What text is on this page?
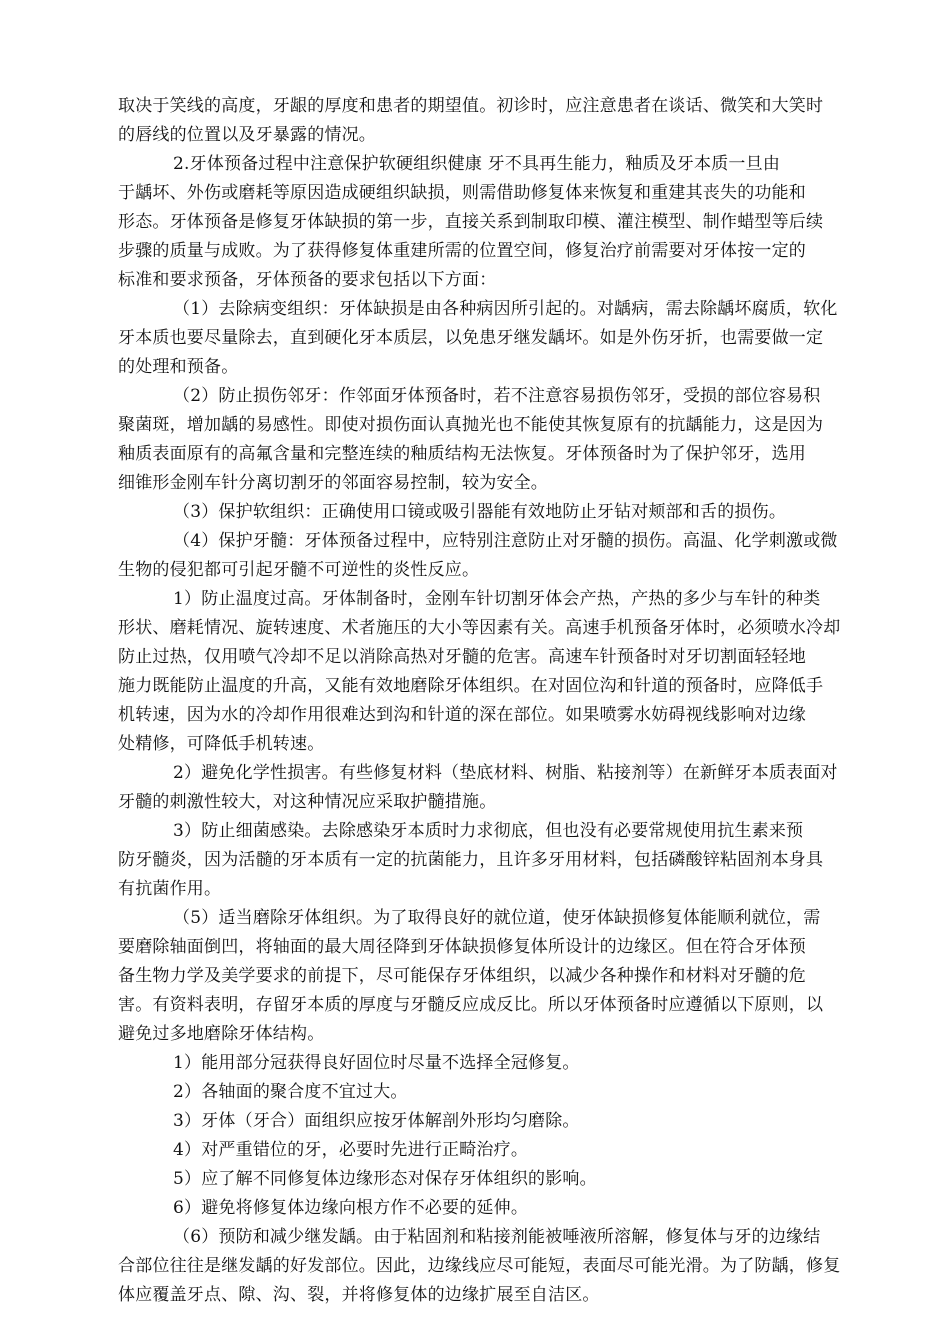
取决于笑线的高度，牙龈的厚度和患者的期望值。初诊时，应注意患者在谈话、微笑和大笑时
的唇线的位置以及牙暴露的情况。
2.牙体预备过程中注意保护软硬组织健康 牙不具再生能力，釉质及牙本质一旦由
于龋坏、外伤或磨耗等原因造成硬组织缺损，则需借助修复体来恢复和重建其丧失的功能和
形态。牙体预备是修复牙体缺损的第一步，直接关系到制取印模、灌注模型、制作蜡型等后续
步骤的质量与成败。为了获得修复体重建所需的位置空间，修复治疗前需要对牙体按一定的
标准和要求预备，牙体预备的要求包括以下方面：
（1）去除病变组织：牙体缺损是由各种病因所引起的。对龋病，需去除龋坏腐质，软化
牙本质也要尽量除去，直到硬化牙本质层，以免患牙继发龋坏。如是外伤牙折，也需要做一定
的处理和预备。
（2）防止损伤邻牙：作邻面牙体预备时，若不注意容易损伤邻牙，受损的部位容易积
聚菌斑，增加龋的易感性。即使对损伤面认真抛光也不能使其恢复原有的抗龋能力，这是因为
釉质表面原有的高氟含量和完整连续的釉质结构无法恢复。牙体预备时为了保护邻牙，选用
细锥形金刚车针分离切割牙的邻面容易控制，较为安全。
（3）保护软组织：正确使用口镜或吸引器能有效地防止牙钻对颊部和舌的损伤。
（4）保护牙髓：牙体预备过程中，应特别注意防止对牙髓的损伤。高温、化学刺激或微
生物的侵犯都可引起牙髓不可逆性的炎性反应。
1）防止温度过高。牙体制备时，金刚车针切割牙体会产热，产热的多少与车针的种类
形状、磨耗情况、旋转速度、术者施压的大小等因素有关。高速手机预备牙体时，必须喷水冷却
防止过热，仅用喷气冷却不足以消除高热对牙髓的危害。高速车针预备时对牙切割面轻轻地
施力既能防止温度的升高，又能有效地磨除牙体组织。在对固位沟和针道的预备时，应降低手
机转速，因为水的冷却作用很难达到沟和针道的深在部位。如果喷雾水妨碍视线影响对边缘
处精修，可降低手机转速。
2）避免化学性损害。有些修复材料（垫底材料、树脂、粘接剂等）在新鲜牙本质表面对
牙髓的刺激性较大，对这种情况应采取护髓措施。
3）防止细菌感染。去除感染牙本质时力求彻底，但也没有必要常规使用抗生素来预
防牙髓炎，因为活髓的牙本质有一定的抗菌能力，且许多牙用材料，包括磷酸锌粘固剂本身具
有抗菌作用。
（5）适当磨除牙体组织。为了取得良好的就位道，使牙体缺损修复体能顺利就位，需
要磨除轴面倒凹，将轴面的最大周径降到牙体缺损修复体所设计的边缘区。但在符合牙体预
备生物力学及美学要求的前提下，尽可能保存牙体组织，以减少各种操作和材料对牙髓的危
害。有资料表明，存留牙本质的厚度与牙髓反应成反比。所以牙体预备时应遵循以下原则，以
避免过多地磨除牙体结构。
1）能用部分冠获得良好固位时尽量不选择全冠修复。
2）各轴面的聚合度不宜过大。
3）牙体（牙合）面组织应按牙体解剖外形均匀磨除。
4）对严重错位的牙，必要时先进行正畸治疗。
5）应了解不同修复体边缘形态对保存牙体组织的影响。
6）避免将修复体边缘向根方作不必要的延伸。
（6）预防和减少继发龋。由于粘固剂和粘接剂能被唾液所溶解，修复体与牙的边缘结
合部位往往是继发龋的好发部位。因此，边缘线应尽可能短，表面尽可能光滑。为了防龋，修复
体应覆盖牙点、隙、沟、裂，并将修复体的边缘扩展至自洁区。
